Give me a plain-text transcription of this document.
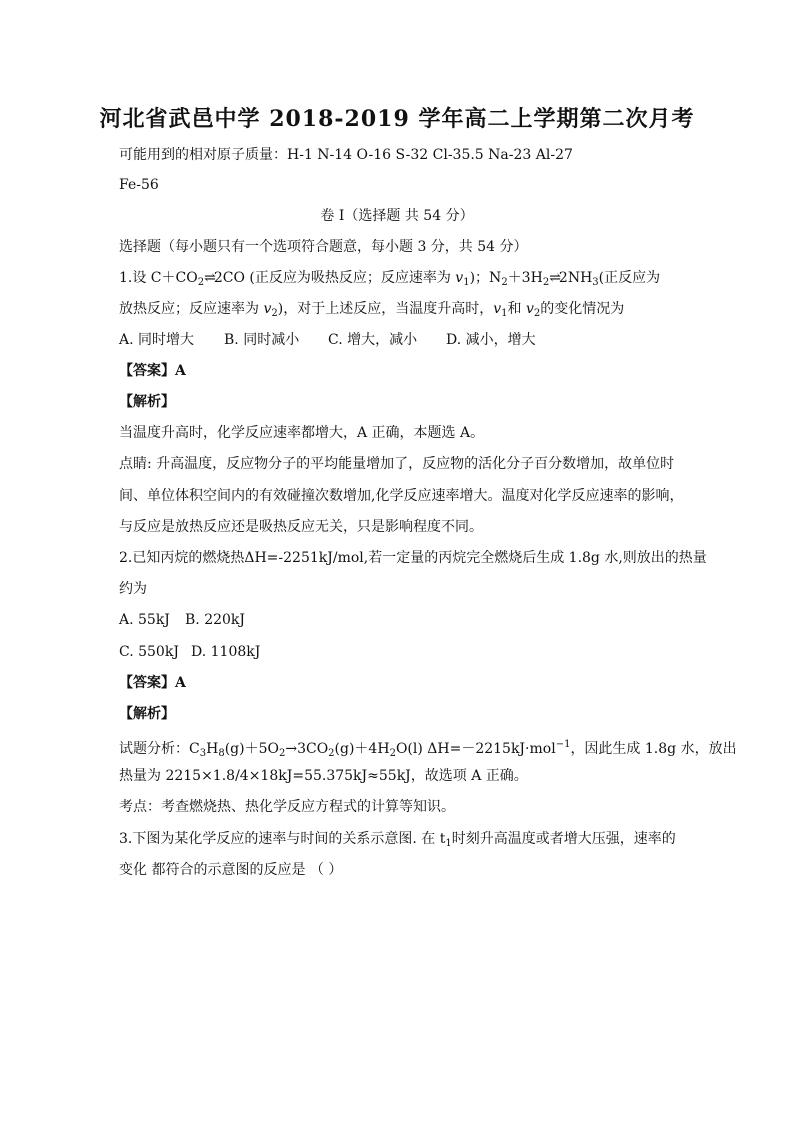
河北省武邑中学 2018-2019 学年高二上学期第二次月考
可能用到的相对原子质量：H-1 N-14 O-16 S-32 Cl-35.5 Na-23 Al-27
Fe-56
卷 I（选择题 共 54 分）
选择题（每小题只有一个选项符合题意，每小题 3 分，共 54 分）
1.设 $C+CO_2\rightleftharpoons 2CO$ (正反应为吸热反应；反应速率为 $v_1$)；$N_2+3H_2\rightleftharpoons 2NH_3$(正反应为
放热反应；反应速率为 $v_2$)，对于上述反应，当温度升高时，$v_1$和 $v_2$的变化情况为
A. 同时增大 B. 同时减小 C. 增大，减小 D. 减小，增大
【答案】A
【解析】
当温度升高时，化学反应速率都增大，A 正确，本题选 A。
点睛: 升高温度，反应物分子的平均能量增加了，反应物的活化分子百分数增加，故单位时
间、单位体积空间内的有效碰撞次数增加,化学反应速率增大。温度对化学反应速率的影响，
与反应是放热反应还是吸热反应无关，只是影响程度不同。
2.已知丙烷的燃烧热ΔH=-2251kJ/mol,若一定量的丙烷完全燃烧后生成 1.8g 水,则放出的热量
约为
A. 55kJ B. 220kJ
C. 550kJ D. 1108kJ
【答案】A
【解析】
试题分析：$C_3H_8(g)+5O_2\to 3CO_2(g)+4H_2O(l)$ ΔH=－2215kJ·mol$^{-1}$，因此生成 1.8g 水，放出
热量为 2215×1.8/4×18kJ=55.375kJ≈55kJ，故选项 A 正确。
考点：考查燃烧热、热化学反应方程式的计算等知识。
3.下图为某化学反应的速率与时间的关系示意图. 在 $t_1$时刻升高温度或者增大压强，速率的
变化 都符合的示意图的反应是 （ ）
